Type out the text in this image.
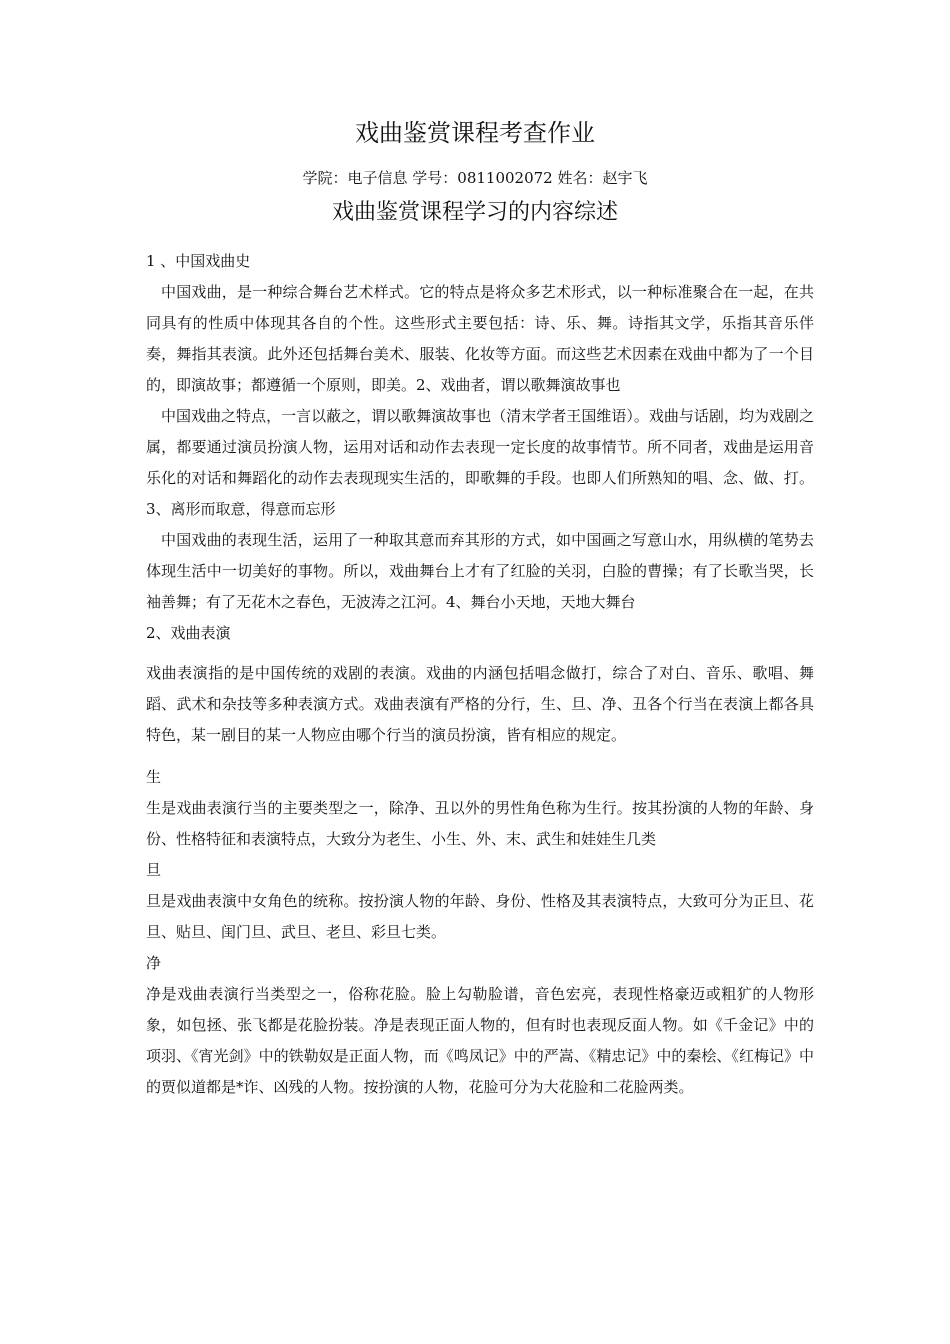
戏曲鉴赏课程考查作业
学院：电子信息 学号：0811002072 姓名：赵宇飞
戏曲鉴赏课程学习的内容综述

1 、中国戏曲史

中国戏曲，是一种综合舞台艺术样式。它的特点是将众多艺术形式，以一种标准聚合在一起，在共同具有的性质中体现其各自的个性。这些形式主要包括：诗、乐、舞。诗指其文学，乐指其音乐伴奏，舞指其表演。此外还包括舞台美术、服装、化妆等方面。而这些艺术因素在戏曲中都为了一个目的，即演故事；都遵循一个原则，即美。2、戏曲者，谓以歌舞演故事也

中国戏曲之特点，一言以蔽之，谓以歌舞演故事也（清末学者王国维语）。戏曲与话剧，均为戏剧之属，都要通过演员扮演人物，运用对话和动作去表现一定长度的故事情节。所不同者，戏曲是运用音乐化的对话和舞蹈化的动作去表现现实生活的，即歌舞的手段。也即人们所熟知的唱、念、做、打。3、离形而取意，得意而忘形

中国戏曲的表现生活，运用了一种取其意而弃其形的方式，如中国画之写意山水，用纵横的笔势去体现生活中一切美好的事物。所以，戏曲舞台上才有了红脸的关羽，白脸的曹操；有了长歌当哭，长袖善舞；有了无花木之春色，无波涛之江河。4、舞台小天地，天地大舞台

2、戏曲表演

戏曲表演指的是中国传统的戏剧的表演。戏曲的内涵包括唱念做打，综合了对白、音乐、歌唱、舞蹈、武术和杂技等多种表演方式。戏曲表演有严格的分行，生、旦、净、丑各个行当在表演上都各具特色，某一剧目的某一人物应由哪个行当的演员扮演，皆有相应的规定。

生

生是戏曲表演行当的主要类型之一，除净、丑以外的男性角色称为生行。按其扮演的人物的年龄、身份、性格特征和表演特点，大致分为老生、小生、外、末、武生和娃娃生几类

旦

旦是戏曲表演中女角色的统称。按扮演人物的年龄、身份、性格及其表演特点，大致可分为正旦、花旦、贴旦、闺门旦、武旦、老旦、彩旦七类。

净

净是戏曲表演行当类型之一，俗称花脸。脸上勾勒脸谱，音色宏亮，表现性格豪迈或粗犷的人物形象，如包拯、张飞都是花脸扮装。净是表现正面人物的，但有时也表现反面人物。如《千金记》中的项羽、《宵光剑》中的铁勒奴是正面人物，而《鸣凤记》中的严嵩、《精忠记》中的秦桧、《红梅记》中的贾似道都是*诈、凶残的人物。按扮演的人物，花脸可分为大花脸和二花脸两类。
